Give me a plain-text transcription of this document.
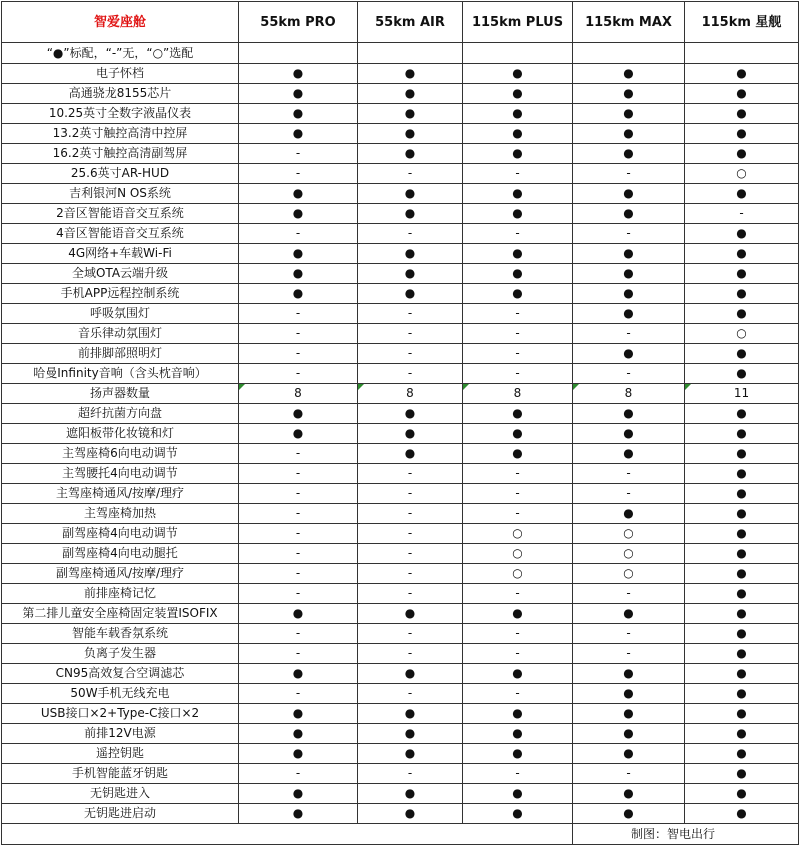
智爱座舱	55km PRO	55km AIR	115km PLUS	115km MAX	115km 星舰
“●”标配，“-”无，“○”选配					
电子怀档	●	●	●	●	●
高通骁龙8155芯片	●	●	●	●	●
10.25英寸全数字液晶仪表	●	●	●	●	●
13.2英寸触控高清中控屏	●	●	●	●	●
16.2英寸触控高清副驾屏	-	●	●	●	●
25.6英寸AR-HUD	-	-	-	-	○
吉利银河N OS系统	●	●	●	●	●
2音区智能语音交互系统	●	●	●	●	-
4音区智能语音交互系统	-	-	-	-	●
4G网络+车载Wi-Fi	●	●	●	●	●
全域OTA云端升级	●	●	●	●	●
手机APP远程控制系统	●	●	●	●	●
呼吸氛围灯	-	-	-	●	●
音乐律动氛围灯	-	-	-	-	○
前排脚部照明灯	-	-	-	●	●
哈曼Infinity音响（含头枕音响）	-	-	-	-	●
扬声器数量	8	8	8	8	11
超纤抗菌方向盘	●	●	●	●	●
遮阳板带化妆镜和灯	●	●	●	●	●
主驾座椅6向电动调节	-	●	●	●	●
主驾腰托4向电动调节	-	-	-	-	●
主驾座椅通风/按摩/理疗	-	-	-	-	●
主驾座椅加热	-	-	-	●	●
副驾座椅4向电动调节	-	-	○	○	●
副驾座椅4向电动腿托	-	-	○	○	●
副驾座椅通风/按摩/理疗	-	-	○	○	●
前排座椅记忆	-	-	-	-	●
第二排儿童安全座椅固定装置ISOFIX	●	●	●	●	●
智能车载香氛系统	-	-	-	-	●
负离子发生器	-	-	-	-	●
CN95高效复合空调滤芯	●	●	●	●	●
50W手机无线充电	-	-	-	●	●
USB接口×2+Type-C接口×2	●	●	●	●	●
前排12V电源	●	●	●	●	●
遥控钥匙	●	●	●	●	●
手机智能蓝牙钥匙	-	-	-	-	●
无钥匙进入	●	●	●	●	●
无钥匙进启动	●	●	●	●	●
				制图：智电出行	
